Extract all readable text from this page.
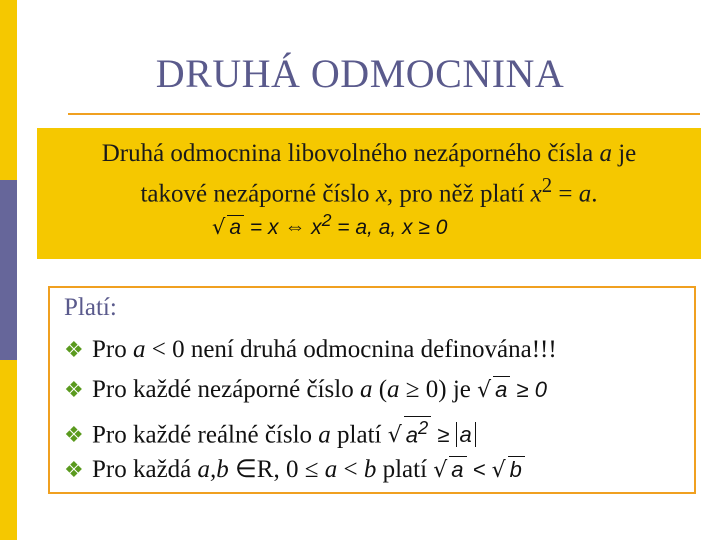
DRUHÁ ODMOCNINA
Druhá odmocnina libovolného nezáporného čísla a je
takové nezáporné číslo x, pro něž platí $x^2 = a$.
√ a = x ⇔ $x^2 = a$, a, x ≥ 0
Platí:
❖ Pro a < 0 není druhá odmocnina definována!!!
❖ Pro každé nezáporné číslo a (a ≥ 0) je √ a ≥ 0
❖ Pro každé reálné číslo a platí √ $a^2 \ge a$
❖ Pro každá a,b ∈R, 0 ≤ a < b platí √ a < √ b
